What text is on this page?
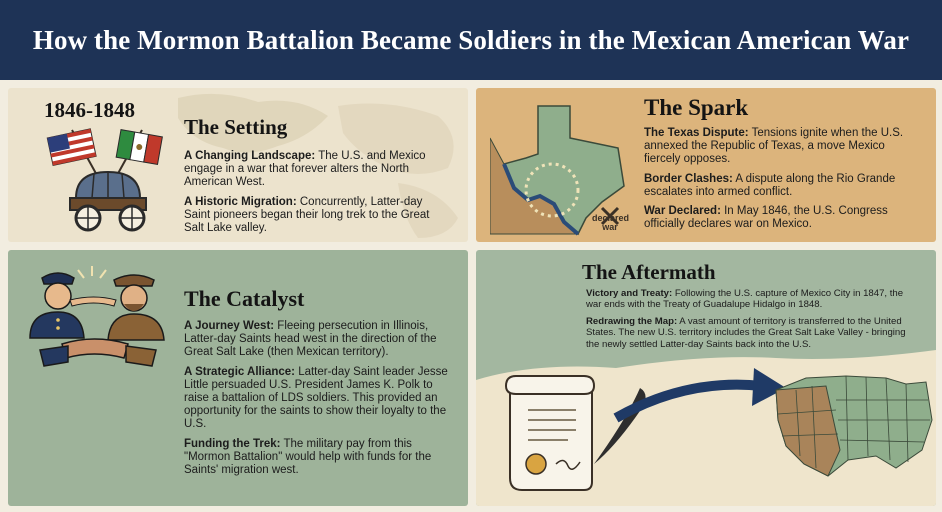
How the Mormon Battalion Became Soldiers in the Mexican American War
1846-1848
The Setting

A Changing Landscape: The U.S. and Mexico engage in a war that forever alters the North American West.

A Historic Migration: Concurrently, Latter-day Saint pioneers began their long trek to the Great Salt Lake valley.

declared war
The Spark

The Texas Dispute: Tensions ignite when the U.S. annexed the Republic of Texas, a move Mexico fiercely opposes.

Border Clashes: A dispute along the Rio Grande escalates into armed conflict.

War Declared: In May 1846, the U.S. Congress officially declares war on Mexico.

The Catalyst

A Journey West: Fleeing persecution in Illinois, Latter-day Saints head west in the direction of the Great Salt Lake (then Mexican territory).

A Strategic Alliance: Latter-day Saint leader Jesse Little persuaded U.S. President James K. Polk to raise a battalion of LDS soldiers. This provided an opportunity for the saints to show their loyalty to the U.S.

Funding the Trek: The military pay from this "Mormon Battalion" would help with funds for the Saints' migration west.

The Aftermath

Victory and Treaty: Following the U.S. capture of Mexico City in 1847, the war ends with the Treaty of Guadalupe Hidalgo in 1848.

Redrawing the Map: A vast amount of territory is transferred to the United States. The new U.S. territory includes the Great Salt Lake Valley - bringing the newly settled Latter-day Saints back into the U.S.
